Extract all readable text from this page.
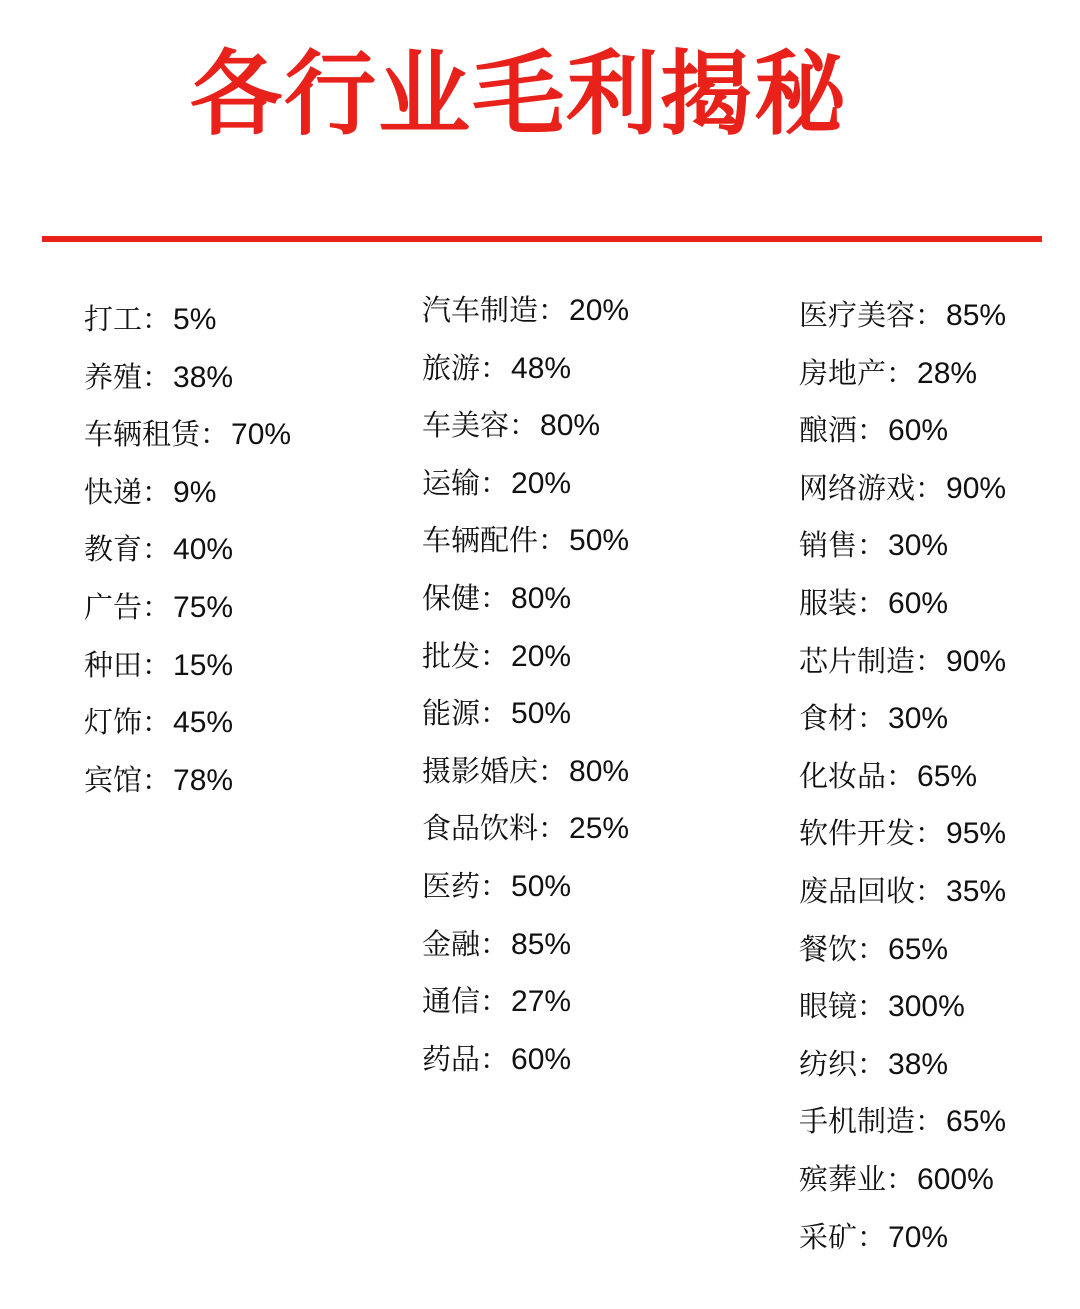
各行业毛利揭秘
打工：5%
养殖：38%
车辆租赁：70%
快递：9%
教育：40%
广告：75%
种田：15%
灯饰：45%
宾馆：78%
汽车制造：20%
旅游：48%
车美容：80%
运输：20%
车辆配件：50%
保健：80%
批发：20%
能源：50%
摄影婚庆：80%
食品饮料：25%
医药：50%
金融：85%
通信：27%
药品：60%
医疗美容：85%
房地产：28%
酿酒：60%
网络游戏：90%
销售：30%
服装：60%
芯片制造：90%
食材：30%
化妆品：65%
软件开发：95%
废品回收：35%
餐饮：65%
眼镜：300%
纺织：38%
手机制造：65%
殡葬业：600%
采矿：70%
